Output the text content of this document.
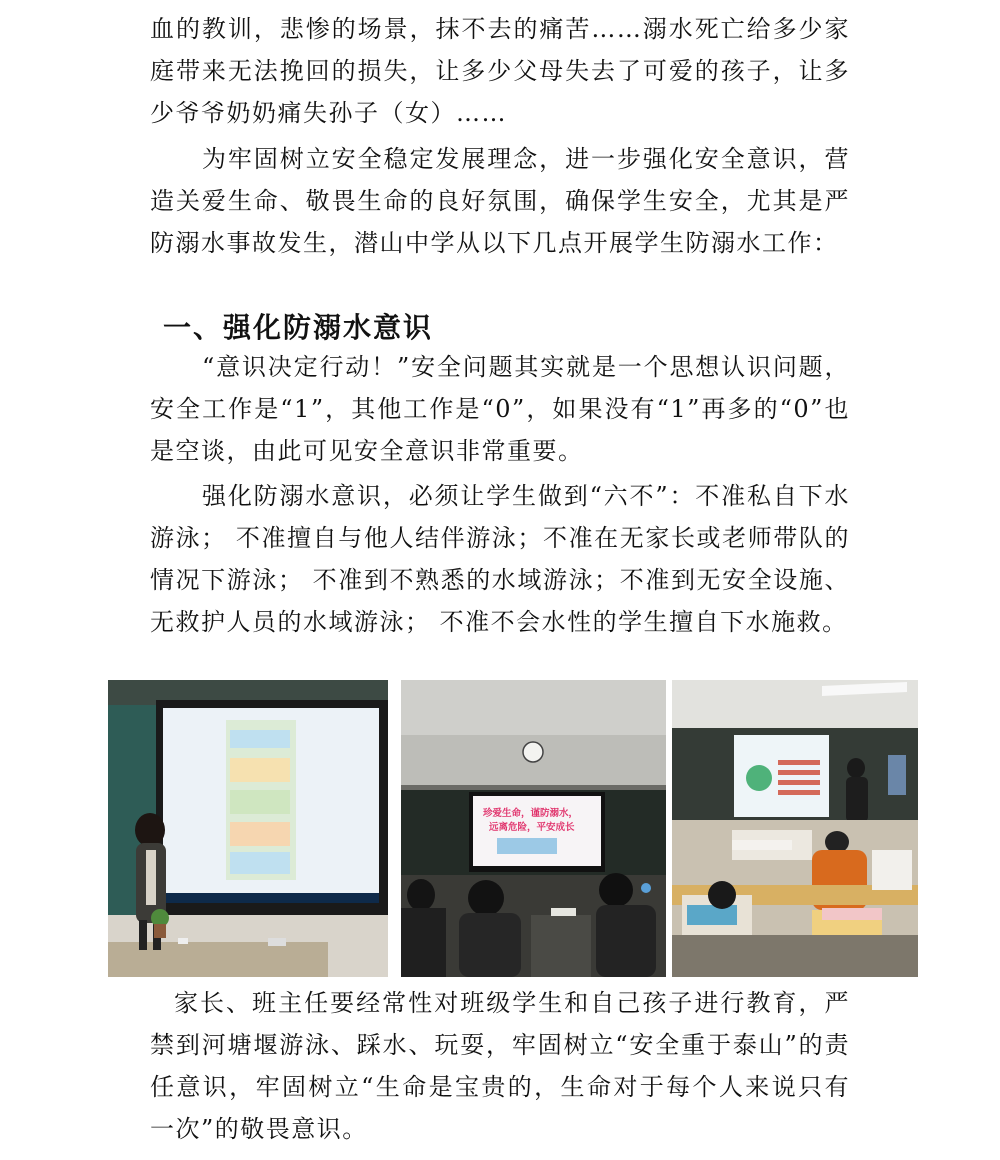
血的教训，悲惨的场景，抹不去的痛苦……溺水死亡给多少家庭带来无法挽回的损失，让多少父母失去了可爱的孩子，让多少爷爷奶奶痛失孙子（女）……

为牢固树立安全稳定发展理念，进一步强化安全意识，营造关爱生命、敬畏生命的良好氛围，确保学生安全，尤其是严防溺水事故发生，潜山中学从以下几点开展学生防溺水工作：

一、强化防溺水意识

“意识决定行动！”安全问题其实就是一个思想认识问题，安全工作是“1”，其他工作是“0”，如果没有“1”再多的“0”也是空谈，由此可见安全意识非常重要。

强化防溺水意识，必须让学生做到“六不”：不准私自下水游泳； 不准擅自与他人结伴游泳；不准在无家长或老师带队的情况下游泳； 不准到不熟悉的水域游泳；不准到无安全设施、无救护人员的水域游泳； 不准不会水性的学生擅自下水施救。

珍爱生命，谨防溺水，
远离危险，平安成长

家长、班主任要经常性对班级学生和自己孩子进行教育，严禁到河塘堰游泳、踩水、玩耍，牢固树立“安全重于泰山”的责任意识，牢固树立“生命是宝贵的，生命对于每个人来说只有一次”的敬畏意识。
